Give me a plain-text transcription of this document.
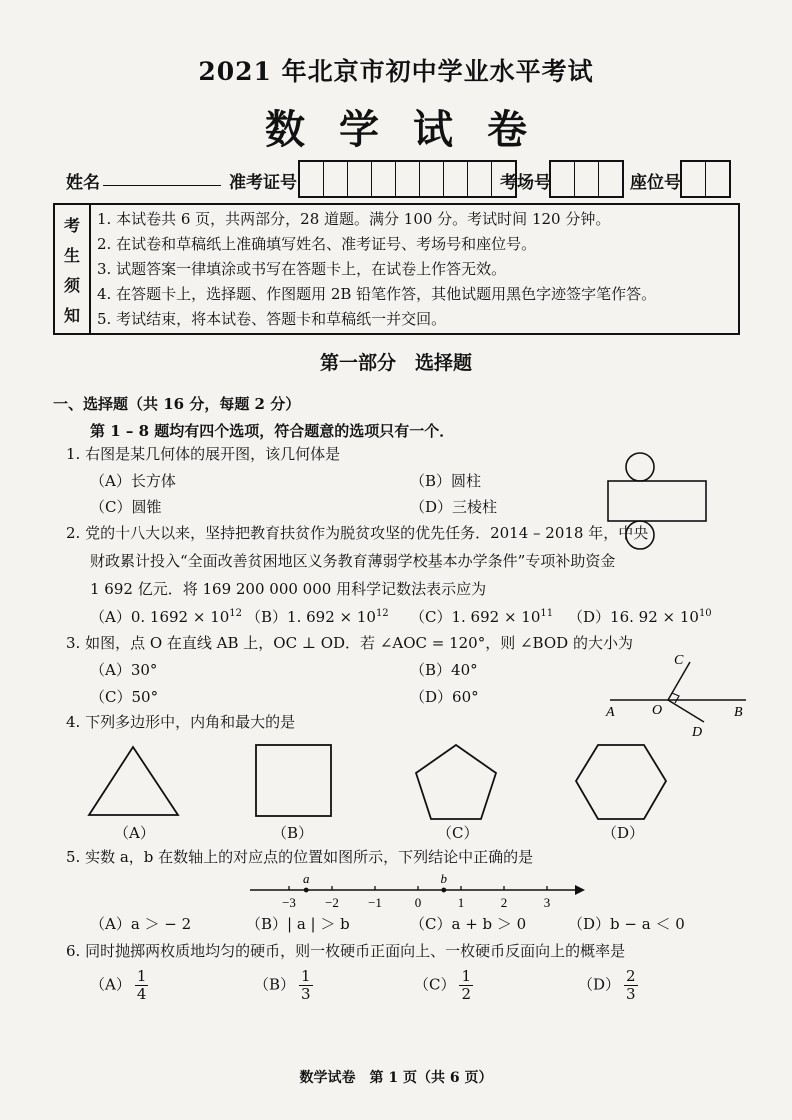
2021 年北京市初中学业水平考试
数学试卷
姓名	准考证号	考场号	座位号
考
生
须
知
1. 本试卷共 6 页，共两部分，28 道题。满分 100 分。考试时间 120 分钟。
2. 在试卷和草稿纸上准确填写姓名、准考证号、考场号和座位号。
3. 试题答案一律填涂或书写在答题卡上，在试卷上作答无效。
4. 在答题卡上，选择题、作图题用 2B 铅笔作答，其他试题用黑色字迹签字笔作答。
5. 考试结束，将本试卷、答题卡和草稿纸一并交回。
第一部分　选择题
一、选择题（共 16 分，每题 2 分）
第 1 – 8 题均有四个选项，符合题意的选项只有一个．
1. 右图是某几何体的展开图，该几何体是
（A）长方体	（B）圆柱
（C）圆锥	（D）三棱柱
2. 党的十八大以来，坚持把教育扶贫作为脱贫攻坚的优先任务．2014 – 2018 年，中央
财政累计投入“全面改善贫困地区义务教育薄弱学校基本办学条件”专项补助资金
1 692 亿元．将 169 200 000 000 用科学记数法表示应为
（A）0. $1692 \times 10^{12}$ （B）1. $692 \times 10^{12}$ （C）1. $692 \times 10^{11}$ （D）16. $92 \times 10^{10}$
3. 如图，点 O 在直线 AB 上，OC ⊥ OD．若 ∠AOC = 120°，则 ∠BOD 的大小为
（A）30°	（B）40°
（C）50°	（D）60°
A	O	B
C
D
4. 下列多边形中，内角和最大的是
（A）	（B）	（C）	（D）
5. 实数 a，b 在数轴上的对应点的位置如图所示，下列结论中正确的是
−3 −2 −1	0	1	2	3
a	b
（A）a ＞ − 2	（B）| a | ＞ b	（C）a + b ＞ 0	（D）b − a ＜ 0
6. 同时抛掷两枚质地均匀的硬币，则一枚硬币正面向上、一枚硬币反面向上的概率是
$(A) \frac{1}{4}$	$(B) \frac{1}{3}$	$(C) \frac{1}{2}$	$(D) \frac{2}{3}$
数学试卷　第 1 页（共 6 页）
